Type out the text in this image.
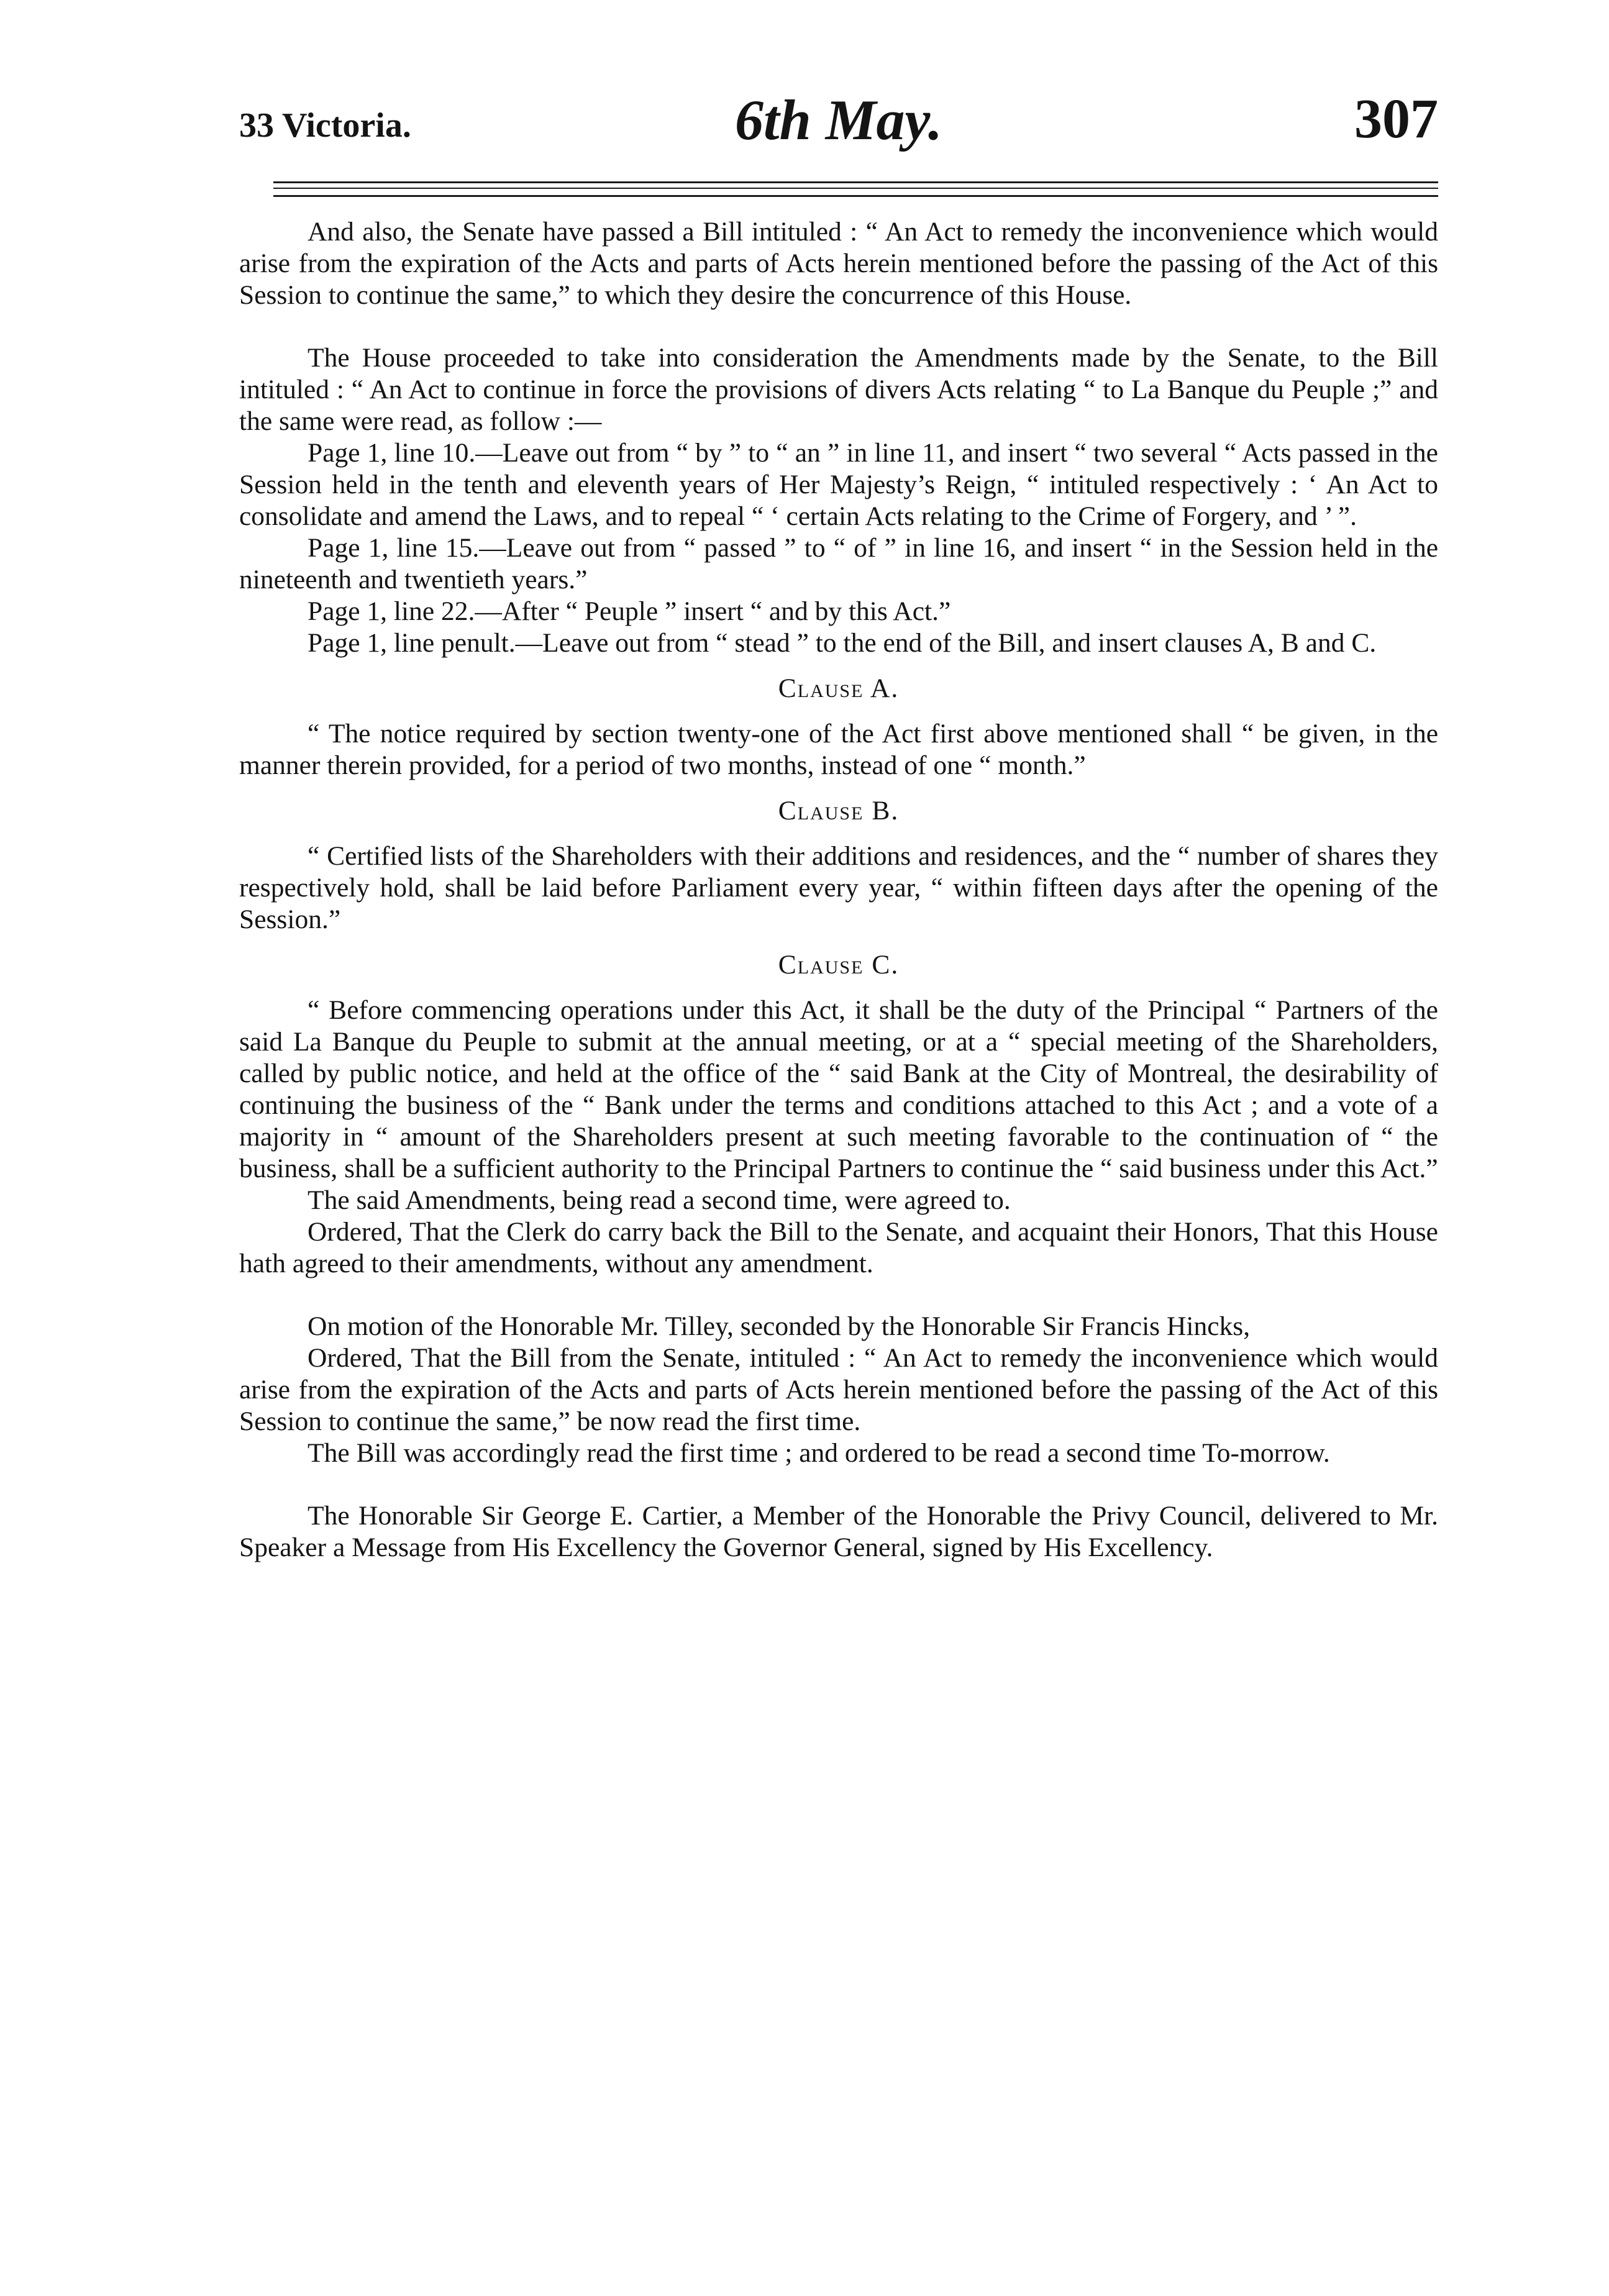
33 Victoria.	6th May.	307

And also, the Senate have passed a Bill intituled : “ An Act to remedy the inconvenience which would arise from the expiration of the Acts and parts of Acts herein mentioned before the passing of the Act of this Session to continue the same,” to which they desire the concurrence of this House.

The House proceeded to take into consideration the Amendments made by the Senate, to the Bill intituled : “ An Act to continue in force the provisions of divers Acts relating “ to La Banque du Peuple ;” and the same were read, as follow :—

Page 1, line 10.—Leave out from “ by ” to “ an ” in line 11, and insert “ two several “ Acts passed in the Session held in the tenth and eleventh years of Her Majesty’s Reign, “ intituled respectively : ‘ An Act to consolidate and amend the Laws, and to repeal “ ‘ certain Acts relating to the Crime of Forgery, and ’ ”.

Page 1, line 15.—Leave out from “ passed ” to “ of ” in line 16, and insert “ in the Session held in the nineteenth and twentieth years.”

Page 1, line 22.—After “ Peuple ” insert “ and by this Act.”

Page 1, line penult.—Leave out from “ stead ” to the end of the Bill, and insert clauses A, B and C.

Clause A.

“ The notice required by section twenty-one of the Act first above mentioned shall “ be given, in the manner therein provided, for a period of two months, instead of one “ month.”

Clause B.

“ Certified lists of the Shareholders with their additions and residences, and the “ number of shares they respectively hold, shall be laid before Parliament every year, “ within fifteen days after the opening of the Session.”

Clause C.

“ Before commencing operations under this Act, it shall be the duty of the Principal “ Partners of the said La Banque du Peuple to submit at the annual meeting, or at a “ special meeting of the Shareholders, called by public notice, and held at the office of the “ said Bank at the City of Montreal, the desirability of continuing the business of the “ Bank under the terms and conditions attached to this Act ; and a vote of a majority in “ amount of the Shareholders present at such meeting favorable to the continuation of “ the business, shall be a sufficient authority to the Principal Partners to continue the “ said business under this Act.”

The said Amendments, being read a second time, were agreed to.

Ordered, That the Clerk do carry back the Bill to the Senate, and acquaint their Honors, That this House hath agreed to their amendments, without any amendment.

On motion of the Honorable Mr. Tilley, seconded by the Honorable Sir Francis Hincks,

Ordered, That the Bill from the Senate, intituled : “ An Act to remedy the inconvenience which would arise from the expiration of the Acts and parts of Acts herein mentioned before the passing of the Act of this Session to continue the same,” be now read the first time.

The Bill was accordingly read the first time ; and ordered to be read a second time To-morrow.

The Honorable Sir George E. Cartier, a Member of the Honorable the Privy Council, delivered to Mr. Speaker a Message from His Excellency the Governor General, signed by His Excellency.
